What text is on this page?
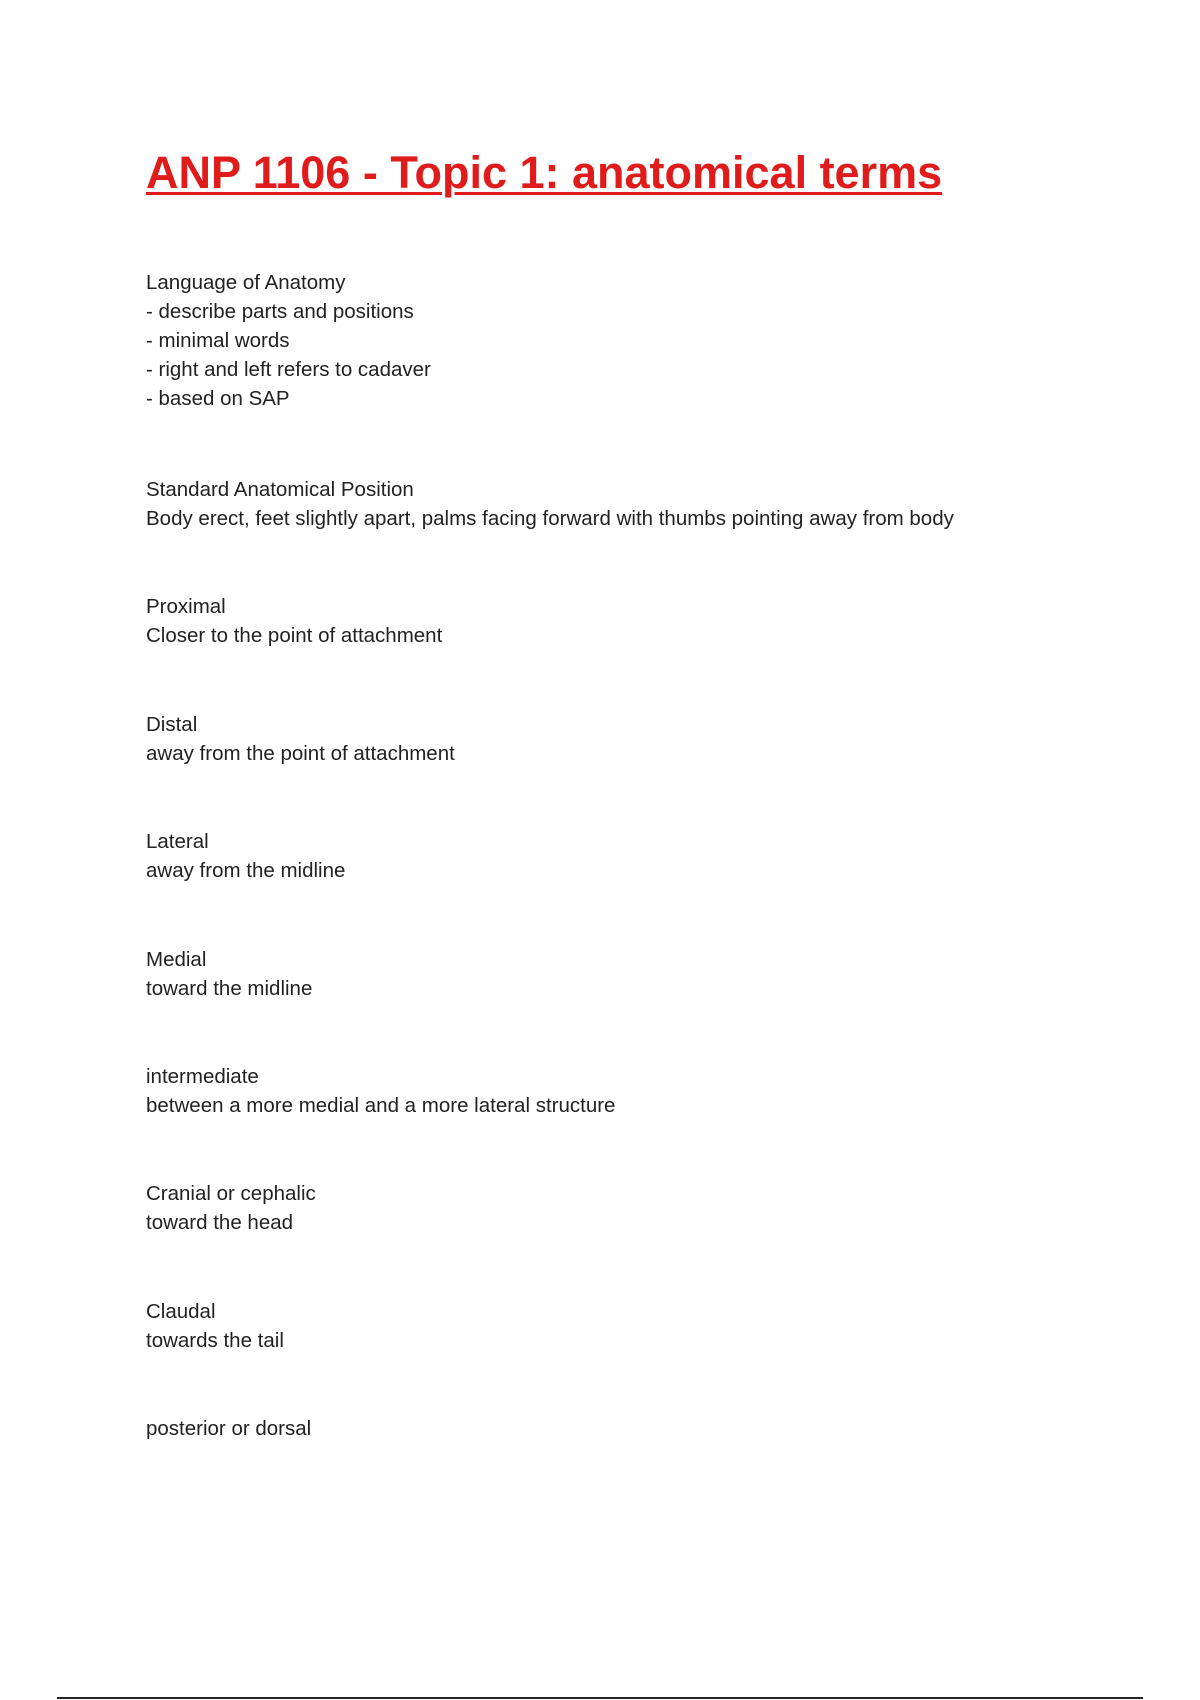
ANP 1106 - Topic 1: anatomical terms
Language of Anatomy
- describe parts and positions
- minimal words
- right and left refers to cadaver
- based on SAP
Standard Anatomical Position
Body erect, feet slightly apart, palms facing forward with thumbs pointing away from body
Proximal
Closer to the point of attachment
Distal
away from the point of attachment
Lateral
away from the midline
Medial
toward the midline
intermediate
between a more medial and a more lateral structure
Cranial or cephalic
toward the head
Claudal
towards the tail
posterior or dorsal
